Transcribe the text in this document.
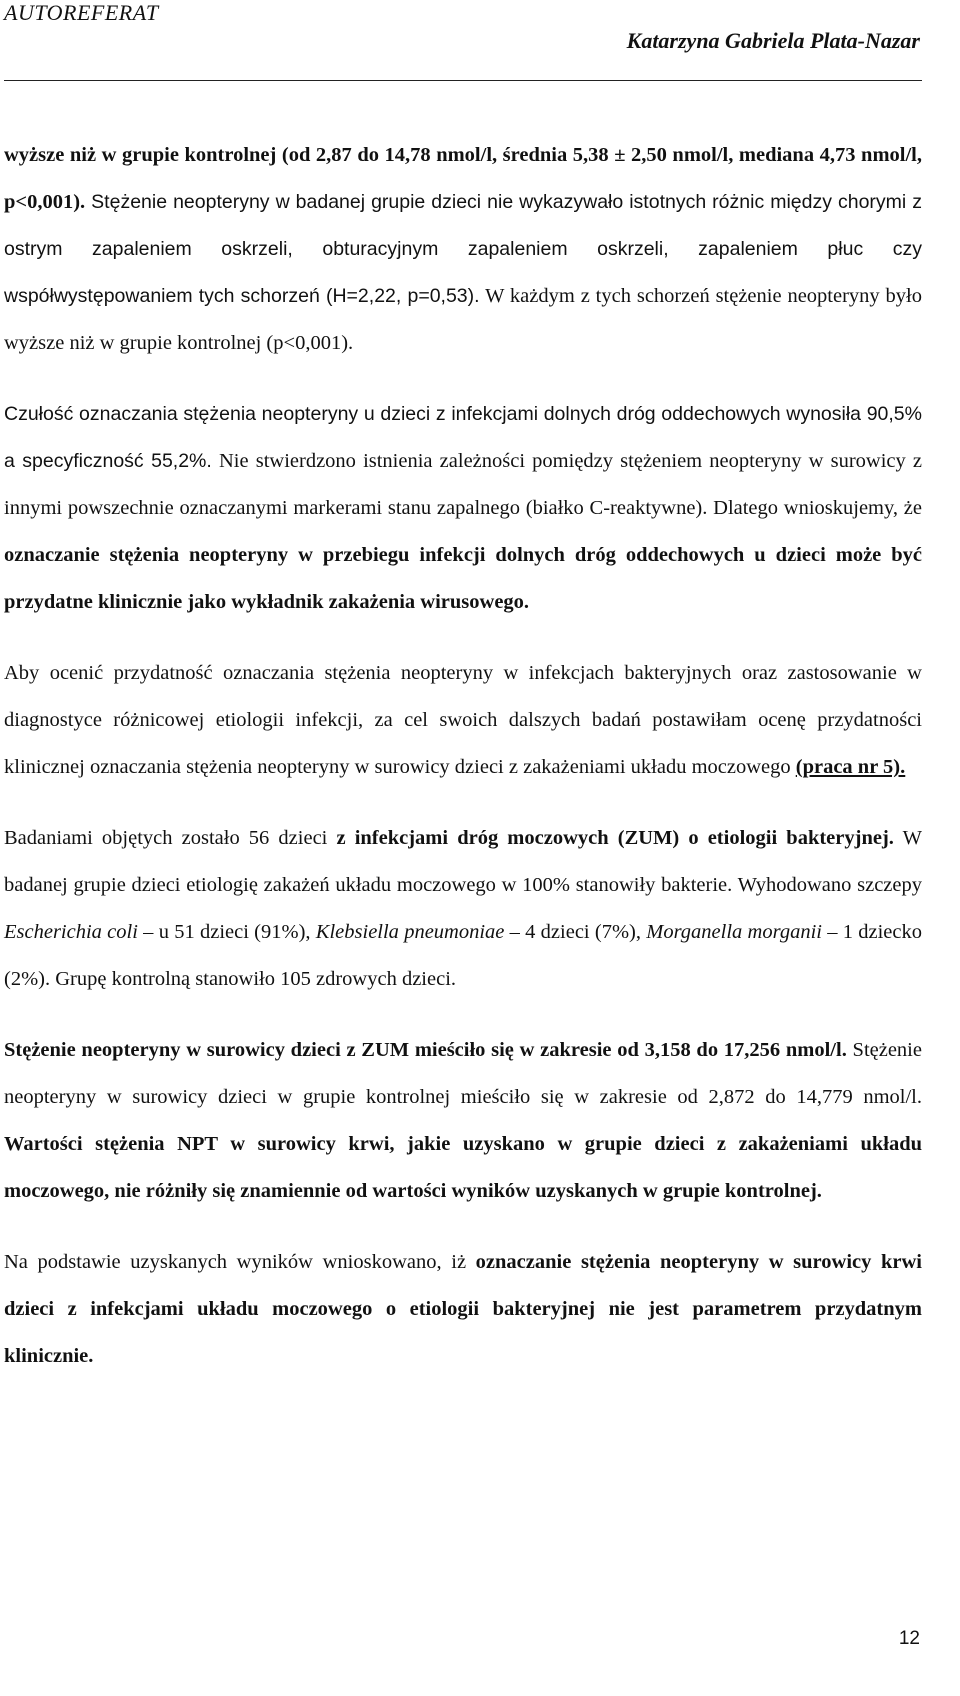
AUTOREFERAT
Katarzyna Gabriela Plata-Nazar

wyższe niż w grupie kontrolnej (od 2,87 do 14,78 nmol/l, średnia 5,38 ± 2,50 nmol/l, mediana 4,73 nmol/l, p<0,001). Stężenie neopteryny w badanej grupie dzieci nie wykazywało istotnych różnic między chorymi z ostrym zapaleniem oskrzeli, obturacyjnym zapaleniem oskrzeli, zapaleniem płuc czy współwystępowaniem tych schorzeń (H=2,22, p=0,53). W każdym z tych schorzeń stężenie neopteryny było wyższe niż w grupie kontrolnej (p<0,001).

Czułość oznaczania stężenia neopteryny u dzieci z infekcjami dolnych dróg oddechowych wynosiła 90,5% a specyficzność 55,2%. Nie stwierdzono istnienia zależności pomiędzy stężeniem neopteryny w surowicy z innymi powszechnie oznaczanymi markerami stanu zapalnego (białko C-reaktywne). Dlatego wnioskujemy, że oznaczanie stężenia neopteryny w przebiegu infekcji dolnych dróg oddechowych u dzieci może być przydatne klinicznie jako wykładnik zakażenia wirusowego.

Aby ocenić przydatność oznaczania stężenia neopteryny w infekcjach bakteryjnych oraz zastosowanie w diagnostyce różnicowej etiologii infekcji, za cel swoich dalszych badań postawiłam ocenę przydatności klinicznej oznaczania stężenia neopteryny w surowicy dzieci z zakażeniami układu moczowego (praca nr 5).

Badaniami objętych zostało 56 dzieci z infekcjami dróg moczowych (ZUM) o etiologii bakteryjnej. W badanej grupie dzieci etiologię zakażeń układu moczowego w 100% stanowiły bakterie. Wyhodowano szczepy Escherichia coli – u 51 dzieci (91%), Klebsiella pneumoniae – 4 dzieci (7%), Morganella morganii – 1 dziecko (2%). Grupę kontrolną stanowiło 105 zdrowych dzieci.

Stężenie neopteryny w surowicy dzieci z ZUM mieściło się w zakresie od 3,158 do 17,256 nmol/l. Stężenie neopteryny w surowicy dzieci w grupie kontrolnej mieściło się w zakresie od 2,872 do 14,779 nmol/l. Wartości stężenia NPT w surowicy krwi, jakie uzyskano w grupie dzieci z zakażeniami układu moczowego, nie różniły się znamiennie od wartości wyników uzyskanych w grupie kontrolnej.

Na podstawie uzyskanych wyników wnioskowano, iż oznaczanie stężenia neopteryny w surowicy krwi dzieci z infekcjami układu moczowego o etiologii bakteryjnej nie jest parametrem przydatnym klinicznie.

12
